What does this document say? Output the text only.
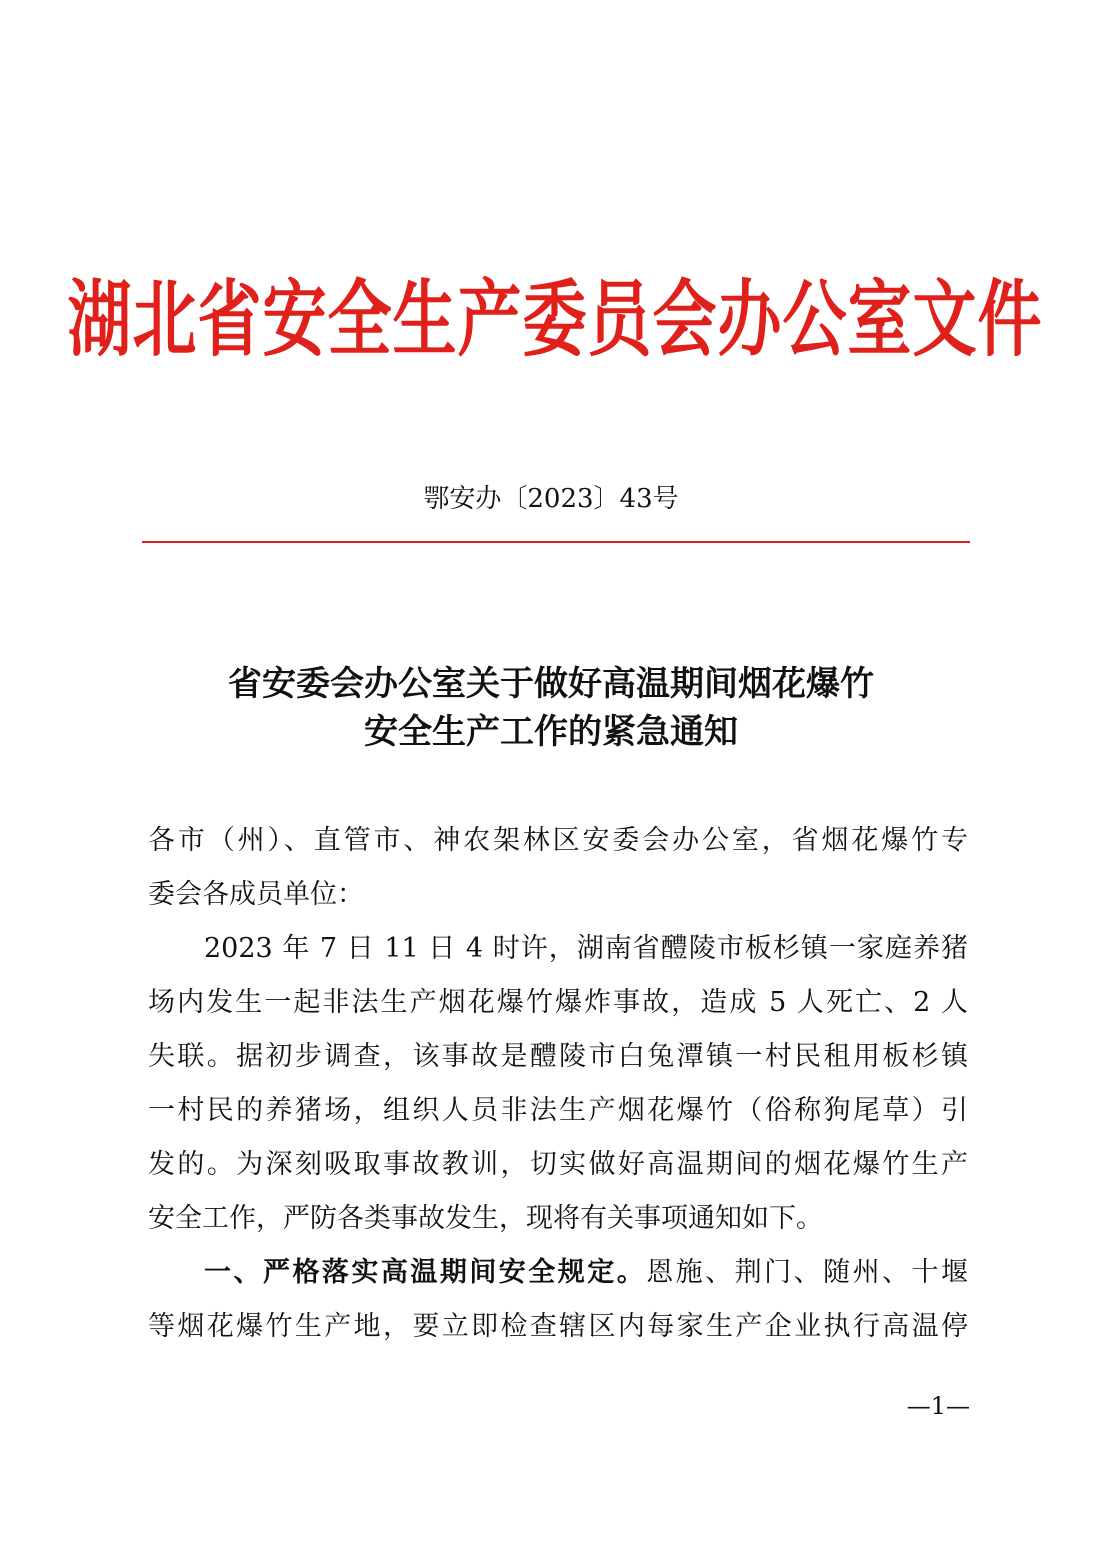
湖北省安全生产委员会办公室文件
鄂安办〔2023〕43号
省安委会办公室关于做好高温期间烟花爆竹
安全生产工作的紧急通知
各市（州）、直管市、神农架林区安委会办公室，省烟花爆竹专
委会各成员单位：
2023 年 7 日 11 日 4 时许，湖南省醴陵市板杉镇一家庭养猪
场内发生一起非法生产烟花爆竹爆炸事故，造成 5 人死亡、2 人
失联。据初步调查，该事故是醴陵市白兔潭镇一村民租用板杉镇
一村民的养猪场，组织人员非法生产烟花爆竹（俗称狗尾草）引
发的。为深刻吸取事故教训，切实做好高温期间的烟花爆竹生产
安全工作，严防各类事故发生，现将有关事项通知如下。
一、严格落实高温期间安全规定。恩施、荆门、随州、十堰
等烟花爆竹生产地，要立即检查辖区内每家生产企业执行高温停
—1—
